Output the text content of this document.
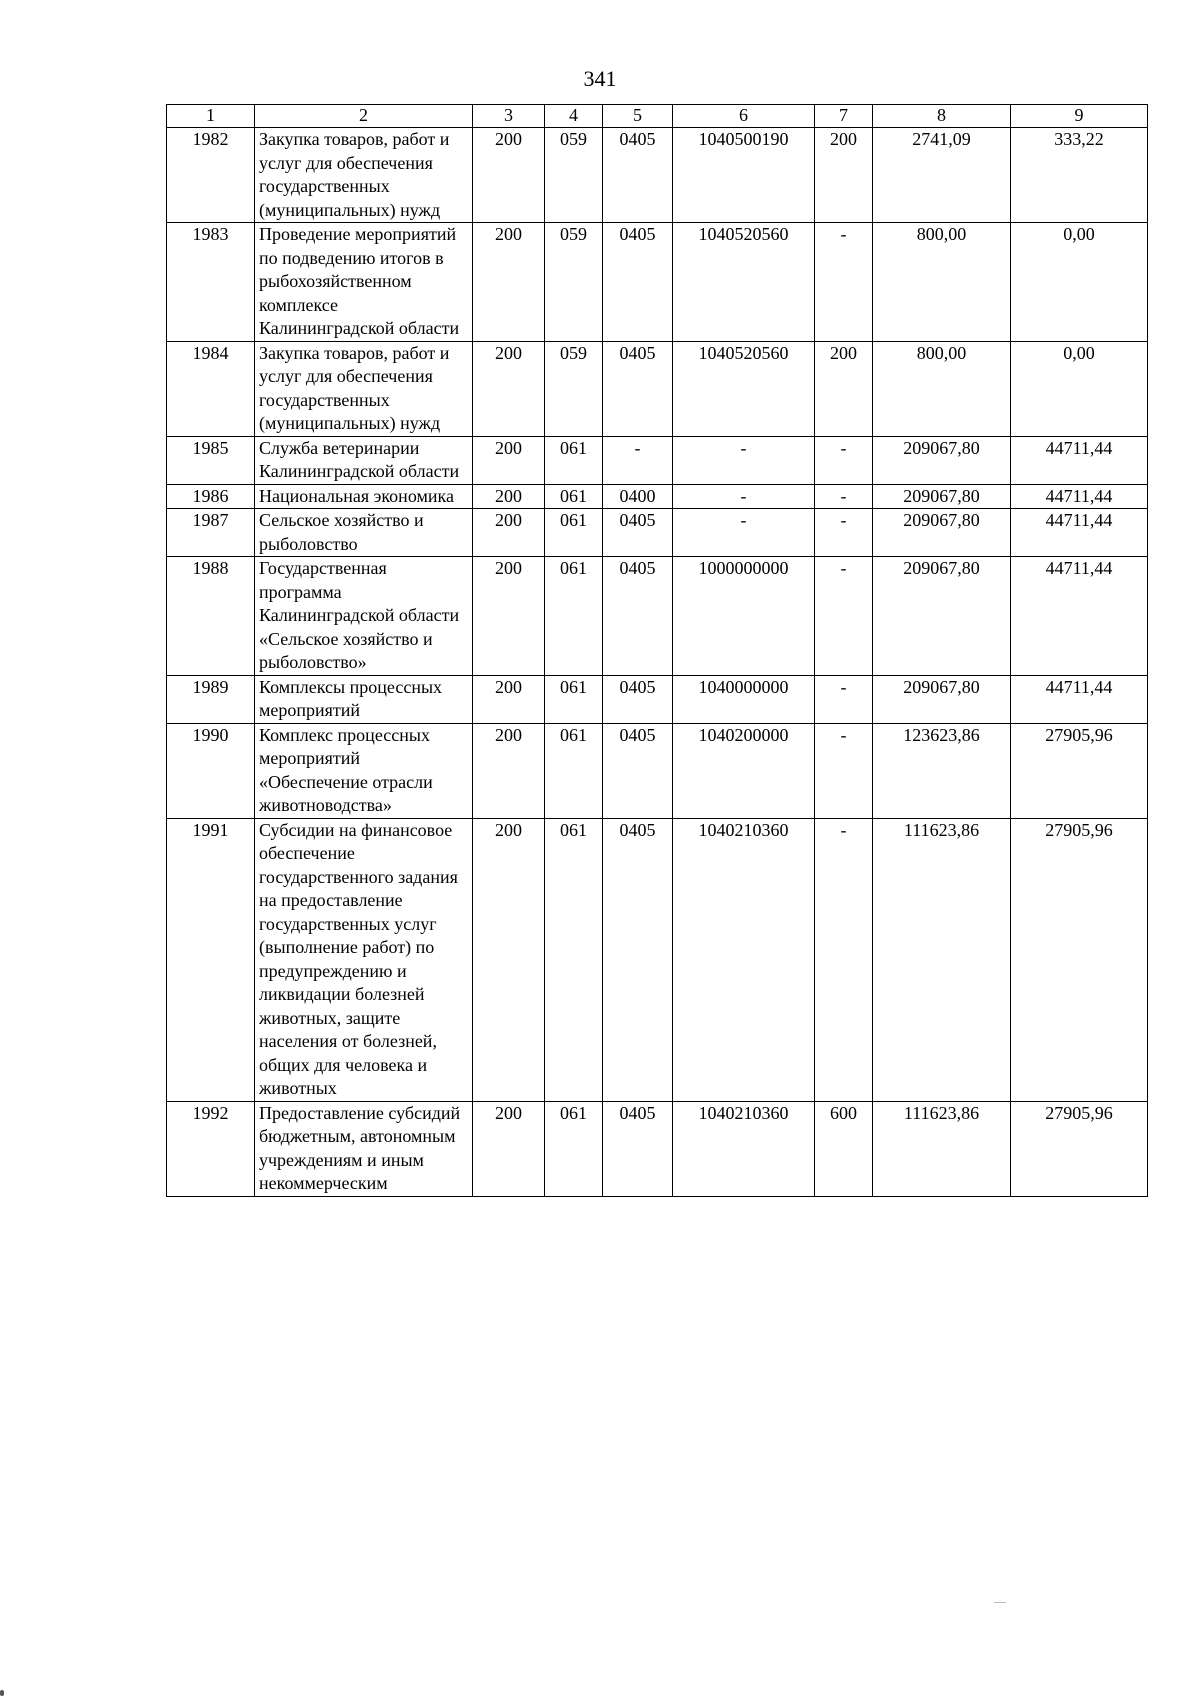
341
1	2	3	4	5	6	7	8	9
1982	Закупка товаров, работ и услуг для обеспечения государственных (муниципальных) нужд	200	059	0405	1040500190	200	2741,09	333,22
1983	Проведение мероприятий по подведению итогов в рыбохозяйственном комплексе Калининградской области	200	059	0405	1040520560	-	800,00	0,00
1984	Закупка товаров, работ и услуг для обеспечения государственных (муниципальных) нужд	200	059	0405	1040520560	200	800,00	0,00
1985	Служба ветеринарии Калининградской области	200	061	-	-	-	209067,80	44711,44
1986	Национальная экономика	200	061	0400	-	-	209067,80	44711,44
1987	Сельское хозяйство и рыболовство	200	061	0405	-	-	209067,80	44711,44
1988	Государственная программа Калининградской области «Сельское хозяйство и рыболовство»	200	061	0405	1000000000	-	209067,80	44711,44
1989	Комплексы процессных мероприятий	200	061	0405	1040000000	-	209067,80	44711,44
1990	Комплекс процессных мероприятий «Обеспечение отрасли животноводства»	200	061	0405	1040200000	-	123623,86	27905,96
1991	Субсидии на финансовое обеспечение государственного задания на предоставление государственных услуг (выполнение работ) по предупреждению и ликвидации болезней животных, защите населения от болезней, общих для человека и животных	200	061	0405	1040210360	-	111623,86	27905,96
1992	Предоставление субсидий бюджетным, автономным учреждениям и иным некоммерческим	200	061	0405	1040210360	600	111623,86	27905,96
